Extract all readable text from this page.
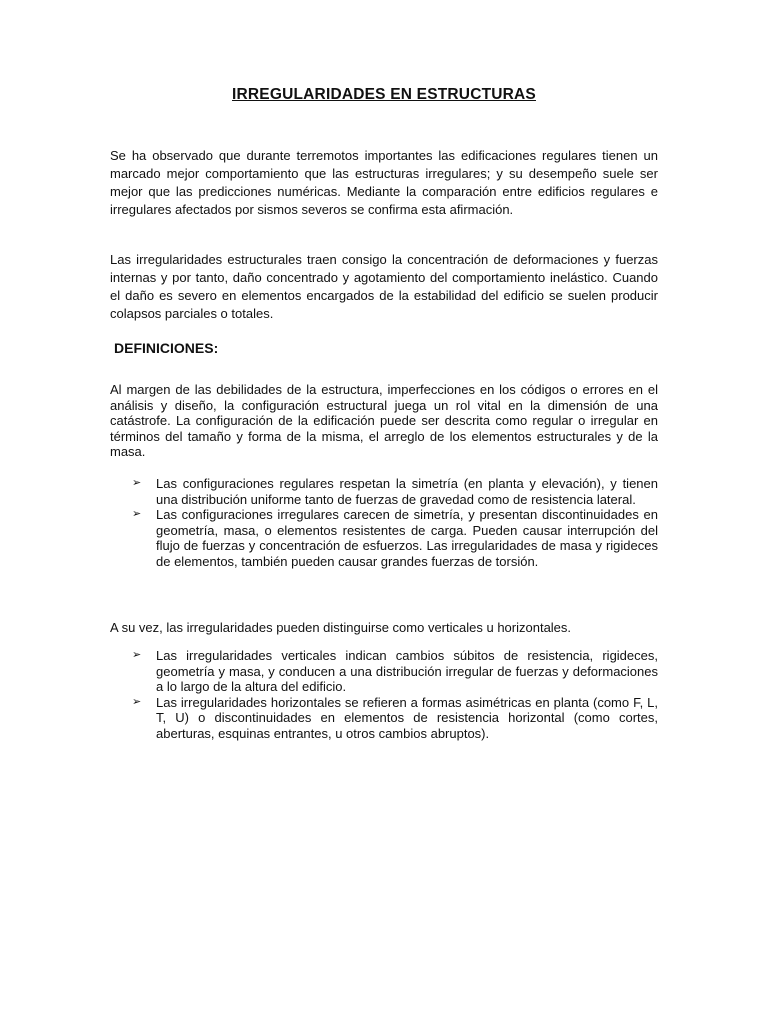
IRREGULARIDADES EN ESTRUCTURAS

Se ha observado que durante terremotos importantes las edificaciones regulares tienen un marcado mejor comportamiento que las estructuras irregulares; y su desempeño suele ser mejor que las predicciones numéricas. Mediante la comparación entre edificios regulares e irregulares afectados por sismos severos se confirma esta afirmación.

Las irregularidades estructurales traen consigo la concentración de deformaciones y fuerzas internas y por tanto, daño concentrado y agotamiento del comportamiento inelástico. Cuando el daño es severo en elementos encargados de la estabilidad del edificio se suelen producir colapsos parciales o totales.

DEFINICIONES:

Al margen de las debilidades de la estructura, imperfecciones en los códigos o errores en el análisis y diseño, la configuración estructural juega un rol vital en la dimensión de una catástrofe. La configuración de la edificación puede ser descrita como regular o irregular en términos del tamaño y forma de la misma, el arreglo de los elementos estructurales y de la masa.

➢ Las configuraciones regulares respetan la simetría (en planta y elevación), y tienen una distribución uniforme tanto de fuerzas de gravedad como de resistencia lateral.
➢ Las configuraciones irregulares carecen de simetría, y presentan discontinuidades en geometría, masa, o elementos resistentes de carga. Pueden causar interrupción del flujo de fuerzas y concentración de esfuerzos. Las irregularidades de masa y rigideces de elementos, también pueden causar grandes fuerzas de torsión.

A su vez, las irregularidades pueden distinguirse como verticales u horizontales.

➢ Las irregularidades verticales indican cambios súbitos de resistencia, rigideces, geometría y masa, y conducen a una distribución irregular de fuerzas y deformaciones a lo largo de la altura del edificio.
➢ Las irregularidades horizontales se refieren a formas asimétricas en planta (como F, L, T, U) o discontinuidades en elementos de resistencia horizontal (como cortes, aberturas, esquinas entrantes, u otros cambios abruptos).
